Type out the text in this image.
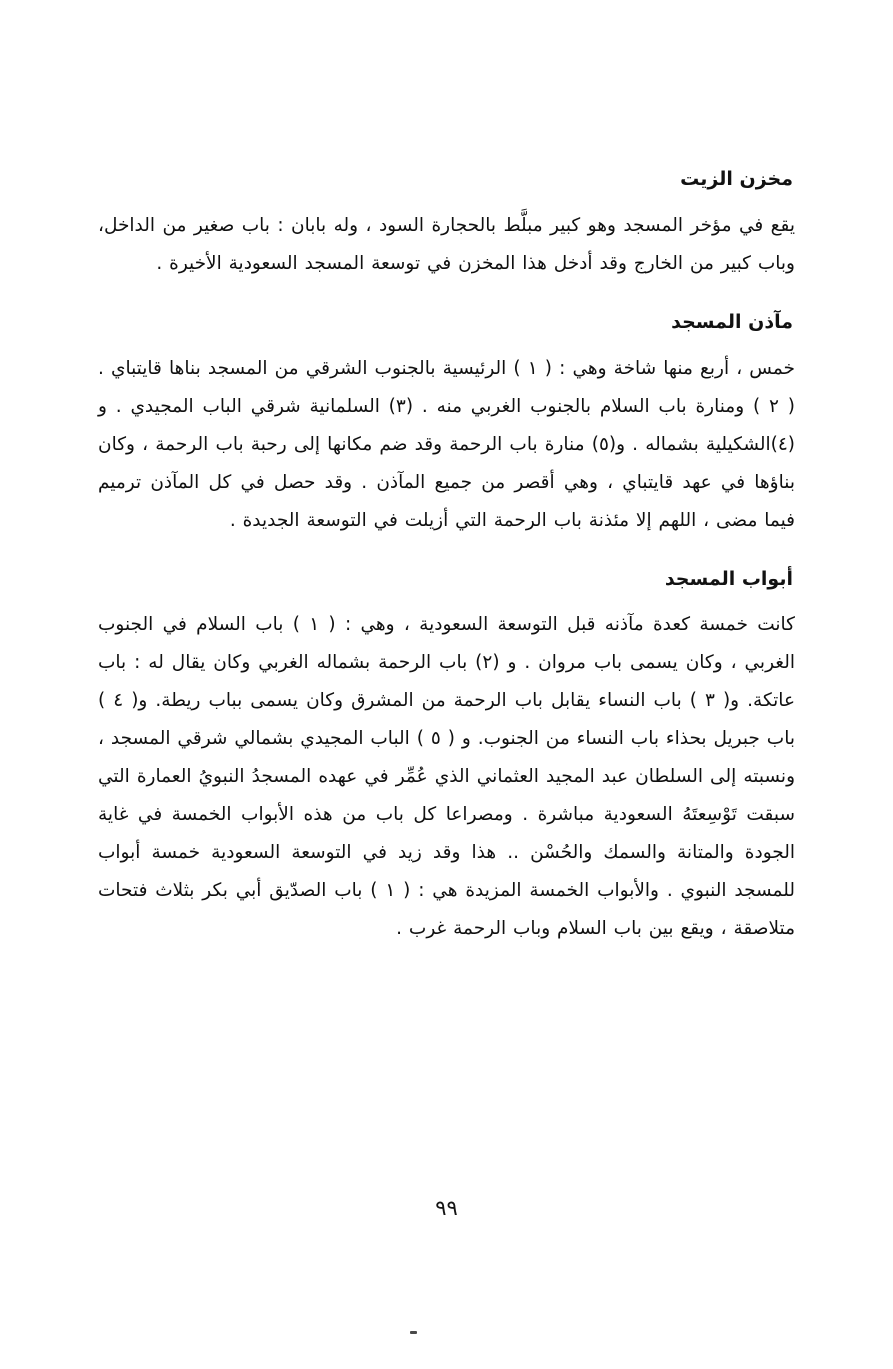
مخزن الزيت

يقع في مؤخر المسجد وهو كبير مبلَّط بالحجارة السود ، وله بابان : باب صغير من الداخل، وباب كبير من الخارج وقد أدخل هذا المخزن في توسعة المسجد السعودية الأخيرة .

مآذن المسجد

خمس ، أربع منها شاخة وهي : ( ١ ) الرئيسية بالجنوب الشرقي من المسجد بناها قايتباي . ( ٢ ) ومنارة باب السلام بالجنوب الغربي منه . (٣) السلمانية شرقي الباب المجيدي . و (٤)الشكيلية بشماله . و(٥) منارة باب الرحمة وقد ضم مكانها إلى رحبة باب الرحمة ، وكان بناؤها في عهد قايتباي ، وهي أقصر من جميع المآذن . وقد حصل في كل المآذن ترميم فيما مضى ، اللهم إلا مئذنة باب الرحمة التي أزيلت في التوسعة الجديدة .

أبواب المسجد

كانت خمسة كعدة مآذنه قبل التوسعة السعودية ، وهي : ( ١ ) باب السلام في الجنوب الغربي ، وكان يسمى باب مروان . و (٢) باب الرحمة بشماله الغربي وكان يقال له : باب عاتكة. و( ٣ ) باب النساء يقابل باب الرحمة من المشرق وكان يسمى بباب ريطة. و( ٤ ) باب جبريل بحذاء باب النساء من الجنوب. و ( ٥ ) الباب المجيدي بشمالي شرقي المسجد ، ونسبته إلى السلطان عبد المجيد العثماني الذي عُمِّر في عهده المسجدُ النبويُ العمارة التي سبقت تَوْسِعتَهُ السعودية مباشرة . ومصراعا كل باب من هذه الأبواب الخمسة في غاية الجودة والمتانة والسمك والحُسْن .. هذا وقد زيد في التوسعة السعودية خمسة أبواب للمسجد النبوي . والأبواب الخمسة المزيدة هي : ( ١ ) باب الصدّيق أبي بكر بثلاث فتحات متلاصقة ، ويقع بين باب السلام وباب الرحمة غرب .

٩٩
